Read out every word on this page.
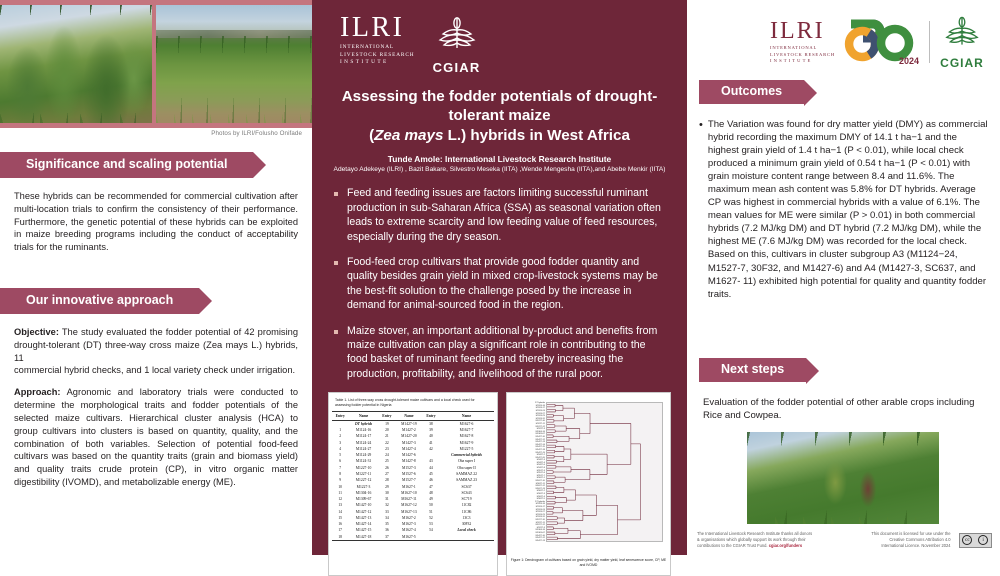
Photos by ILRI/Folusho Onifade
Significance and scaling potential
These hybrids can be recommended for commercial cultivation after multi-location trials to confirm the consistency of their performance. Furthermore, the genetic potential of these hybrids can be exploited in maize breeding programs including the conduct of acceptability trials for the ruminants.
Our innovative approach
Objective: The study evaluated the fodder potential of 42 promising drought-tolerant (DT) three-way cross maize (Zea mays L.) hybrids, 11
commercial hybrid checks, and 1 local variety check under irrigation.
Approach: Agronomic and laboratory trials were conducted to determine the morphological traits and fodder potentials of the selected maize cultivars. Hierarchical cluster analysis (HCA) to group cultivars into clusters is based on quantity, quality, and the combination of both variables. Selection of potential food-feed cultivars was based on the quantity traits (grain and biomass yield) and quality traits crude protein (CP), in vitro organic matter digestibility (IVOMD), and metabolizable energy (ME).
ILRI
INTERNATIONAL
LIVESTOCK RESEARCH
INSTITUTE	CGIAR
Assessing the fodder potentials of drought-tolerant maize
(Zea mays L.) hybrids in West Africa
Tunde Amole: International Livestock Research Institute
Adetayo Adekeye (ILRI) , Bazit Bakare, Silvestro Meseka (IITA) ,Wende Mengesha (IITA),and Abebe Menkir (IITA)
Feed and feeding issues are factors limiting successful ruminant production in sub-Saharan Africa (SSA) as seasonal variation often leads to extreme scarcity and low feeding value of feed resources, especially during the dry season.
Food-feed crop cultivars that provide good fodder quantity and quality besides grain yield in mixed crop-livestock systems may be the best-fit solution to the challenge posed by the increase in demand for animal-sourced food in the region.
Maize stover, an important additional by-product and benefits from maize cultivation can play a significant role in contributing to the food basket of ruminant feeding and thereby increasing the production, profitability, and livelihood of the rural poor.
Table 1. List of three-way cross drought-tolerant maize cultivars and a local check used for assessing fodder potential in Nigeria
Entry	Name	Entry	Name	Entry	Name
	DT hybrids	19	M1427-19	38	M1627-6
1	M1124-16	20	M1427-2	39	M1627-7
2	M1124-17	21	M1427-20	40	M1627-8
3	M1124-24	22	M1427-3	41	M1627-9
4	M1124-27	23	M1427-4	42	M1227-5
5	M1124-29	24	M1427-6		Commercial hybrids
6	M1124-31	25	M1427-8	43	Oba super I
7	M1227-10	26	M1527-3	44	Oba super II
8	M1227-11	27	M1527-6	45	SAMMAZ 22
9	M1227-12	28	M1527-7	46	SAMMAZ 23
10	M1227-3	29	M1627-1	47	SC637
11	M1304-16	30	M1627-10	48	SC643
12	M1309-67	31	M1627-11	49	SC719
13	M1427-10	32	M1627-12	50	11C82
14	M1427-12	33	M1627-13	51	11C86
15	M1427-13	34	M1627-2	52	13C3
16	M1427-14	35	M1627-3	53	30F32
17	M1427-15	36	M1627-4	54	Local check
18	M1427-18	37	M1627-5		
DT hybrids
M1124-16
M1124-17
M1124-24
M1124-27
M1124-29
M1124-31
M1227-10
M1227-11
M1227-12
M1227-3
M1304-16
M1309-67
M1427-10
M1427-12
M1427-13
M1427-14
M1427-15
M1427-18
M1427-19
M1427-2
M1427-20
M1427-3
M1427-4
M1427-6
M1427-8
M1527-3
M1527-6
M1527-7
M1627-1
M1627-10
M1627-11
M1627-12
M1627-13
M1627-2
M1627-3
M1627-4
M1627-5
DT hybrids
M1124-16
M1124-17
M1124-24
M1124-27
M1124-29
M1124-31
M1227-10
M1227-11
M1227-12
M1227-3
M1304-16
M1309-67
M1427-10
M1427-12
M1427-13
Figure 1: Dendrogram of cultivars based on grain yield, dry matter yield, leaf senescence score, CP, ME and IVOMD
ILRI
INTERNATIONAL
LIVESTOCK RESEARCH
INSTITUTE	2024 CGIAR
Outcomes
• The Variation was found for dry matter yield (DMY) as commercial hybrid recording the maximum DMY of 14.1 t ha−1 and the highest grain yield of 1.4 t ha−1 (P < 0.01), while local check produced a minimum grain yield of 0.54 t ha−1 (P < 0.01) with grain moisture content range between 8.4 and 11.6%. The maximum mean ash content was 5.8% for DT hybrids. Average CP was highest in commercial hybrids with a value of 6.1%. The mean values for ME were similar (P > 0.01) in both commercial hybrids (7.2 MJ/kg DM) and DT hybrid (7.2 MJ/kg DM), while the highest ME (7.6 MJ/kg DM) was recorded for the local check. Based on this, cultivars in cluster subgroup A3 (M1124−24, M1527-7, 30F32, and M1427-6) and A4 (M1427-3, SC637, and M1627- 11) exhibited high potential for quality and quantity fodder traits.
Next steps
Evaluation of the fodder potential of other arable crops including Rice and Cowpea.
The International Livestock Research Institute thanks all donors
& organisations which globally support its work through their
contributions to the CGIAR Trust Fund. cgiar.org/funders
This document is licensed for use under the
Creative Commons Attribution 4.0
International Licence. November 2024
cc	i
